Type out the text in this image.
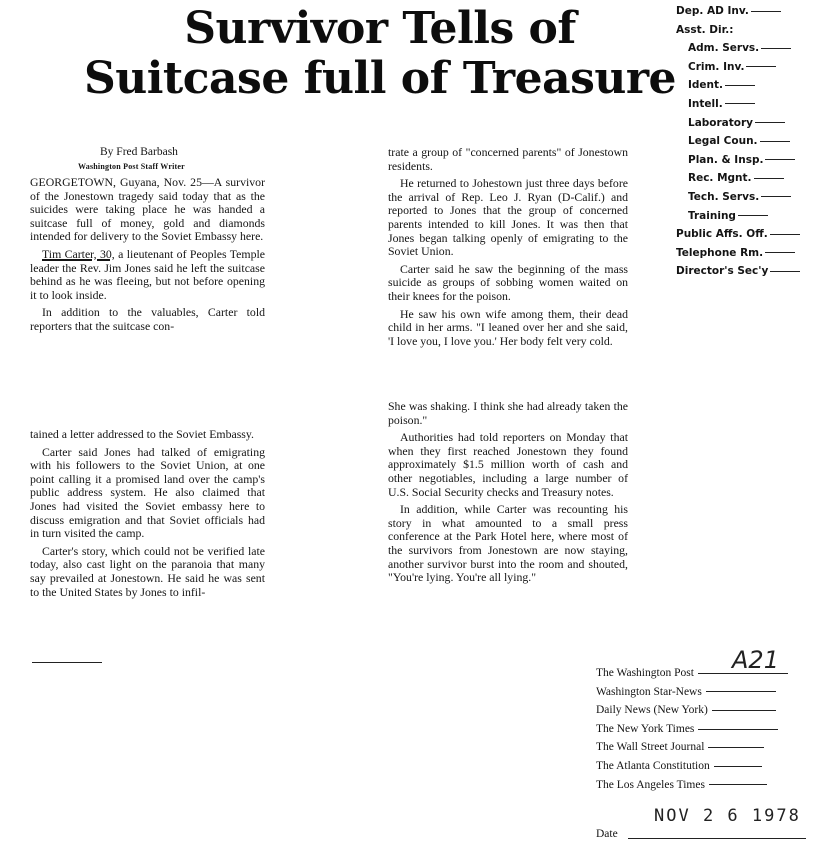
Survivor Tells of
Suitcase full of Treasure
By Fred Barbash
Washington Post Staff Writer

GEORGETOWN, Guyana, Nov. 25—A survivor of the Jonestown tragedy said today that as the suicides were taking place he was handed a suitcase full of money, gold and diamonds intended for delivery to the Soviet Embassy here.

Tim Carter, 30, a lieutenant of Peoples Temple leader the Rev. Jim Jones said he left the suitcase behind as he was fleeing, but not before opening it to look inside.

In addition to the valuables, Carter told reporters that the suitcase con-

tained a letter addressed to the Soviet Embassy.

Carter said Jones had talked of emigrating with his followers to the Soviet Union, at one point calling it a promised land over the camp's public address system. He also claimed that Jones had visited the Soviet embassy here to discuss emigration and that Soviet officials had in turn visited the camp.

Carter's story, which could not be verified late today, also cast light on the paranoia that many say prevailed at Jonestown. He said he was sent to the United States by Jones to infil-

trate a group of "concerned parents" of Jonestown residents.

He returned to Johestown just three days before the arrival of Rep. Leo J. Ryan (D-Calif.) and reported to Jones that the group of concerned parents intended to kill Jones. It was then that Jones began talking openly of emigrating to the Soviet Union.

Carter said he saw the beginning of the mass suicide as groups of sobbing women waited on their knees for the poison.

He saw his own wife among them, their dead child in her arms. "I leaned over her and she said, 'I love you, I love you.' Her body felt very cold.

She was shaking. I think she had already taken the poison."

Authorities had told reporters on Monday that when they first reached Jonestown they found approximately $1.5 million worth of cash and other negotiables, including a large number of U.S. Social Security checks and Treasury notes.

In addition, while Carter was recounting his story in what amounted to a small press conference at the Park Hotel here, where most of the survivors from Jonestown are now staying, another survivor burst into the room and shouted, "You're lying. You're all lying."

Dep. AD Inv.
Asst. Dir.:
Adm. Servs.
Crim. Inv.
Ident.
Intell.
Laboratory
Legal Coun.
Plan. & Insp.
Rec. Mgnt.
Tech. Servs.
Training
Public Affs. Off.
Telephone Rm.
Director's Sec'y
A21
The Washington Post
Washington Star-News
Daily News (New York)
The New York Times
The Wall Street Journal
The Atlanta Constitution
The Los Angeles Times
NOV 2 6 1978
Date
